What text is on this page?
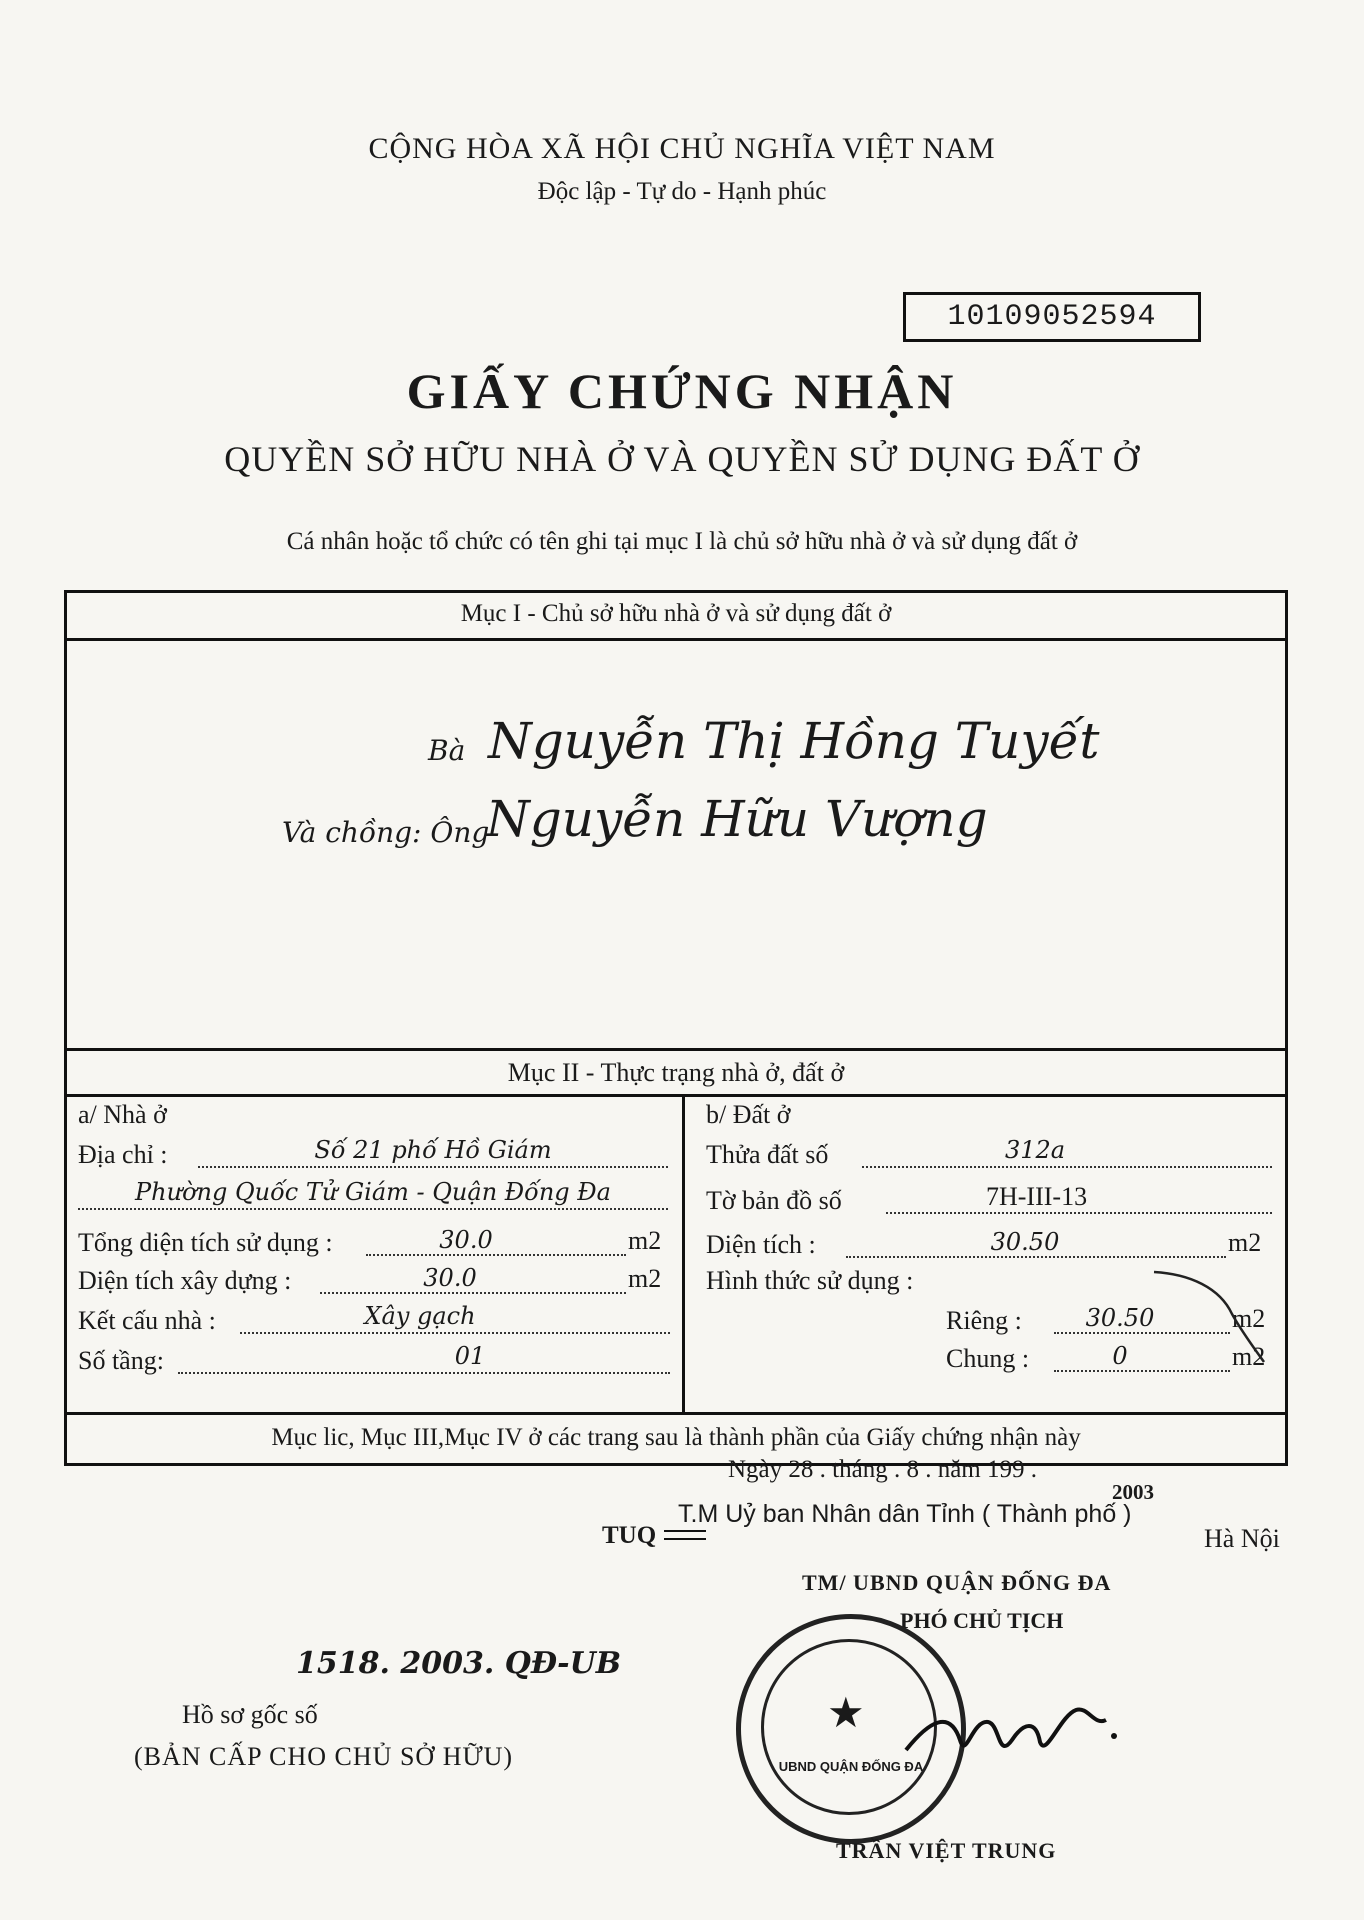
CỘNG HÒA XÃ HỘI CHỦ NGHĨA VIỆT NAM
Độc lập - Tự do - Hạnh phúc
10109052594
GIẤY CHỨNG NHẬN
QUYỀN SỞ HỮU NHÀ Ở VÀ QUYỀN SỬ DỤNG ĐẤT Ở
Cá nhân hoặc tổ chức có tên ghi tại mục I là chủ sở hữu nhà ở và sử dụng đất ở
Mục I - Chủ sở hữu nhà ở và sử dụng đất ở
Bà Nguyễn Thị Hồng Tuyết
Và chồng: Ông
Nguyễn Hữu Vượng
Mục II - Thực trạng nhà ở, đất ở
a/ Nhà ở
Địa chỉ :	Số 21 phố Hồ Giám
Phường Quốc Tử Giám - Quận Đống Đa
Tổng diện tích sử dụng :	30.0	m2
Diện tích xây dựng :	30.0	m2
Kết cấu nhà :	Xây gạch
Số tầng:	01
b/ Đất ở
Thửa đất số	312a
Tờ bản đồ số	7H-III-13
Diện tích :	30.50	m2
Hình thức sử dụng :
Riêng :	30.50	m2
Chung :	0	m2
Mục lic, Mục III,Mục IV ở các trang sau là thành phần của Giấy chứng nhận này
Ngày 28 . tháng . 8 . năm 199 .
2003
T.M Uỷ ban Nhân dân Tỉnh ( Thành phố )
TUQ	Hà Nội
TM/ UBND QUẬN ĐỐNG ĐA
PHÓ CHỦ TỊCH
★
UBND QUẬN ĐỐNG ĐA
TRẦN VIỆT TRUNG
1518. 2003. QĐ-UB
Hồ sơ gốc số
(BẢN CẤP CHO CHỦ SỞ HỮU)
